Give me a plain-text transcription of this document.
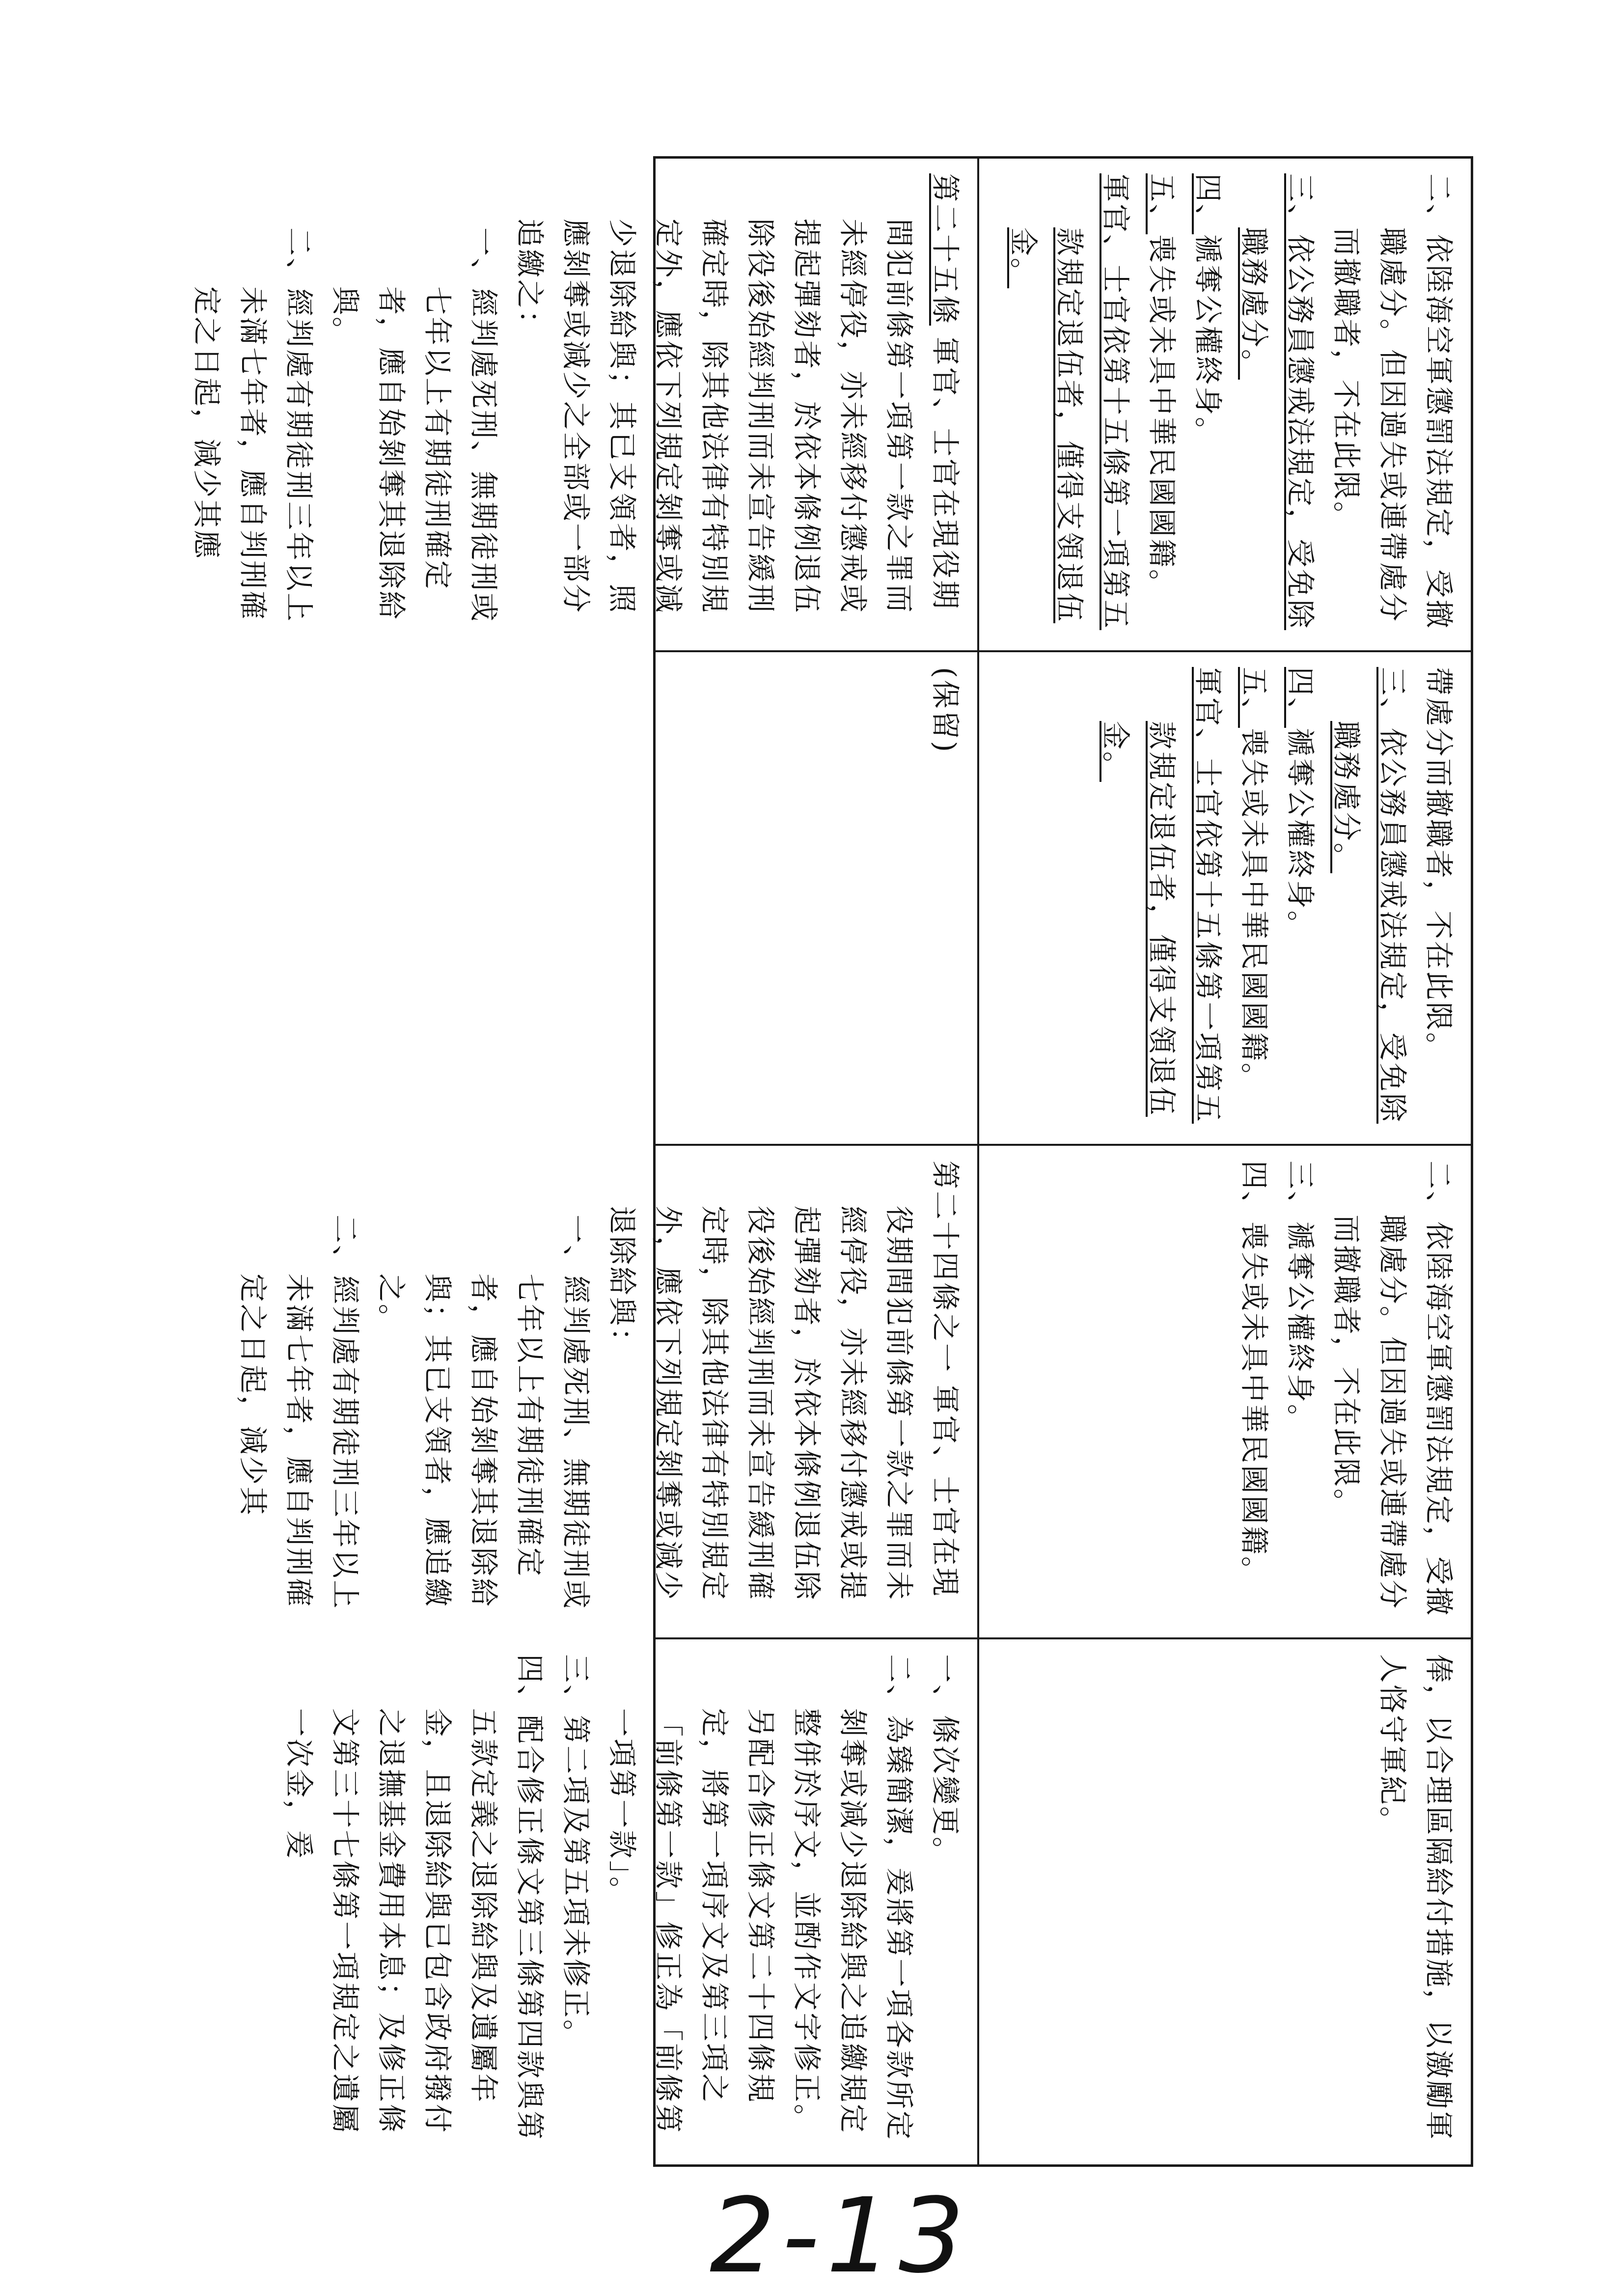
二、依陸海空軍懲罰法規定，受撤職處分。但因過失或連帶處分而撤職者，不在此限。

三、依公務員懲戒法規定，受免除職務處分。

四、褫奪公權終身。

五、喪失或未具中華民國國籍。

軍官、士官依第十五條第一項第五款規定退伍者，僅得支領退伍金。

帶處分而撤職者，不在此限。

三、依公務員懲戒法規定，受免除職務處分。

四、褫奪公權終身。

五、喪失或未具中華民國國籍。

軍官、士官依第十五條第一項第五款規定退伍者，僅得支領退伍金。

二、依陸海空軍懲罰法規定，受撤職處分。但因過失或連帶處分而撤職者，不在此限。

三、褫奪公權終身。

四、喪失或未具中華民國國籍。

俸，以合理區隔給付措施，以激勵軍人恪守軍紀。

第二十五條 軍官、士官在現役期間犯前條第一項第一款之罪而未經停役，亦未經移付懲戒或提起彈劾者，於依本條例退伍除役後始經判刑而未宣告緩刑確定時，除其他法律有特別規定外，應依下列規定剝奪或減少退除給與；其已支領者，照應剝奪或減少之全部或一部分追繳之：

一、經判處死刑、無期徒刑或七年以上有期徒刑確定者，應自始剝奪其退除給與。

二、經判處有期徒刑三年以上未滿七年者，應自判刑確定之日起，減少其應

(保留)

第二十四條之一 軍官、士官在現役期間犯前條第一款之罪而未經停役，亦未經移付懲戒或提起彈劾者，於依本條例退伍除役後始經判刑而未宣告緩刑確定時，除其他法律有特別規定外，應依下列規定剝奪或減少退除給與：

一、經判處死刑、無期徒刑或七年以上有期徒刑確定者，應自始剝奪其退除給與；其已支領者，應追繳之。

二、經判處有期徒刑三年以上未滿七年者，應自判刑確定之日起，減少其

一、條次變更。

二、為臻簡潔，爰將第一項各款所定剝奪或減少退除給與之追繳規定整併於序文，並酌作文字修正。另配合修正條文第二十四條規定，將第一項序文及第三項之「前條第一款」修正為「前條第一項第一款」。

三、第二項及第五項未修正。

四、配合修正條文第三條第四款與第五款定義之退除給與及遺屬年金，且退除給與已包含政府撥付之退撫基金費用本息；及修正條文第三十七條第一項規定之遺屬一次金，爰

2-13
